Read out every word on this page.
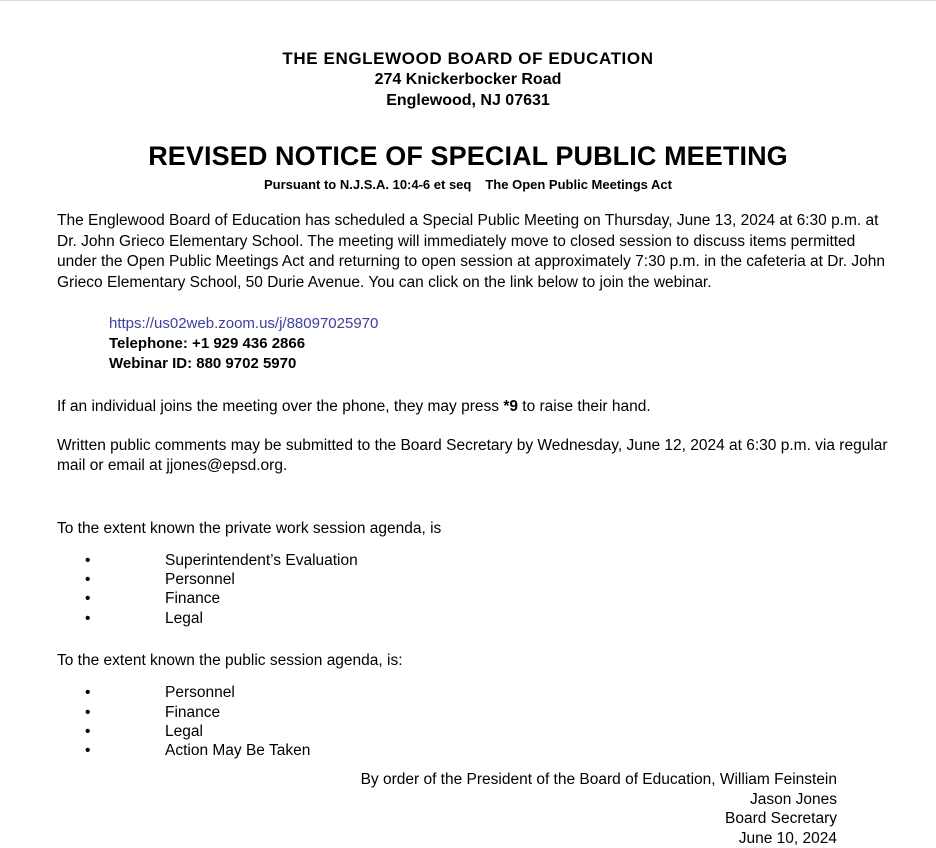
THE ENGLEWOOD BOARD OF EDUCATION
274 Knickerbocker Road
Englewood, NJ 07631
REVISED NOTICE OF SPECIAL PUBLIC MEETING
Pursuant to N.J.S.A. 10:4-6 et seq The Open Public Meetings Act

The Englewood Board of Education has scheduled a Special Public Meeting on Thursday, June 13, 2024 at 6:30 p.m. at Dr. John Grieco Elementary School. The meeting will immediately move to closed session to discuss items permitted under the Open Public Meetings Act and returning to open session at approximately 7:30 p.m. in the cafeteria at Dr. John Grieco Elementary School, 50 Durie Avenue. You can click on the link below to join the webinar.

https://us02web.zoom.us/j/88097025970
Telephone: +1 929 436 2866
Webinar ID: 880 9702 5970

If an individual joins the meeting over the phone, they may press *9 to raise their hand.

Written public comments may be submitted to the Board Secretary by Wednesday, June 12, 2024 at 6:30 p.m. via regular mail or email at jjones@epsd.org.

To the extent known the private work session agenda, is

•	Superintendent’s Evaluation
•	Personnel
•	Finance
•	Legal

To the extent known the public session agenda, is:

•	Personnel
•	Finance
•	Legal
•	Action May Be Taken
By order of the President of the Board of Education, William Feinstein
Jason Jones
Board Secretary
June 10, 2024
